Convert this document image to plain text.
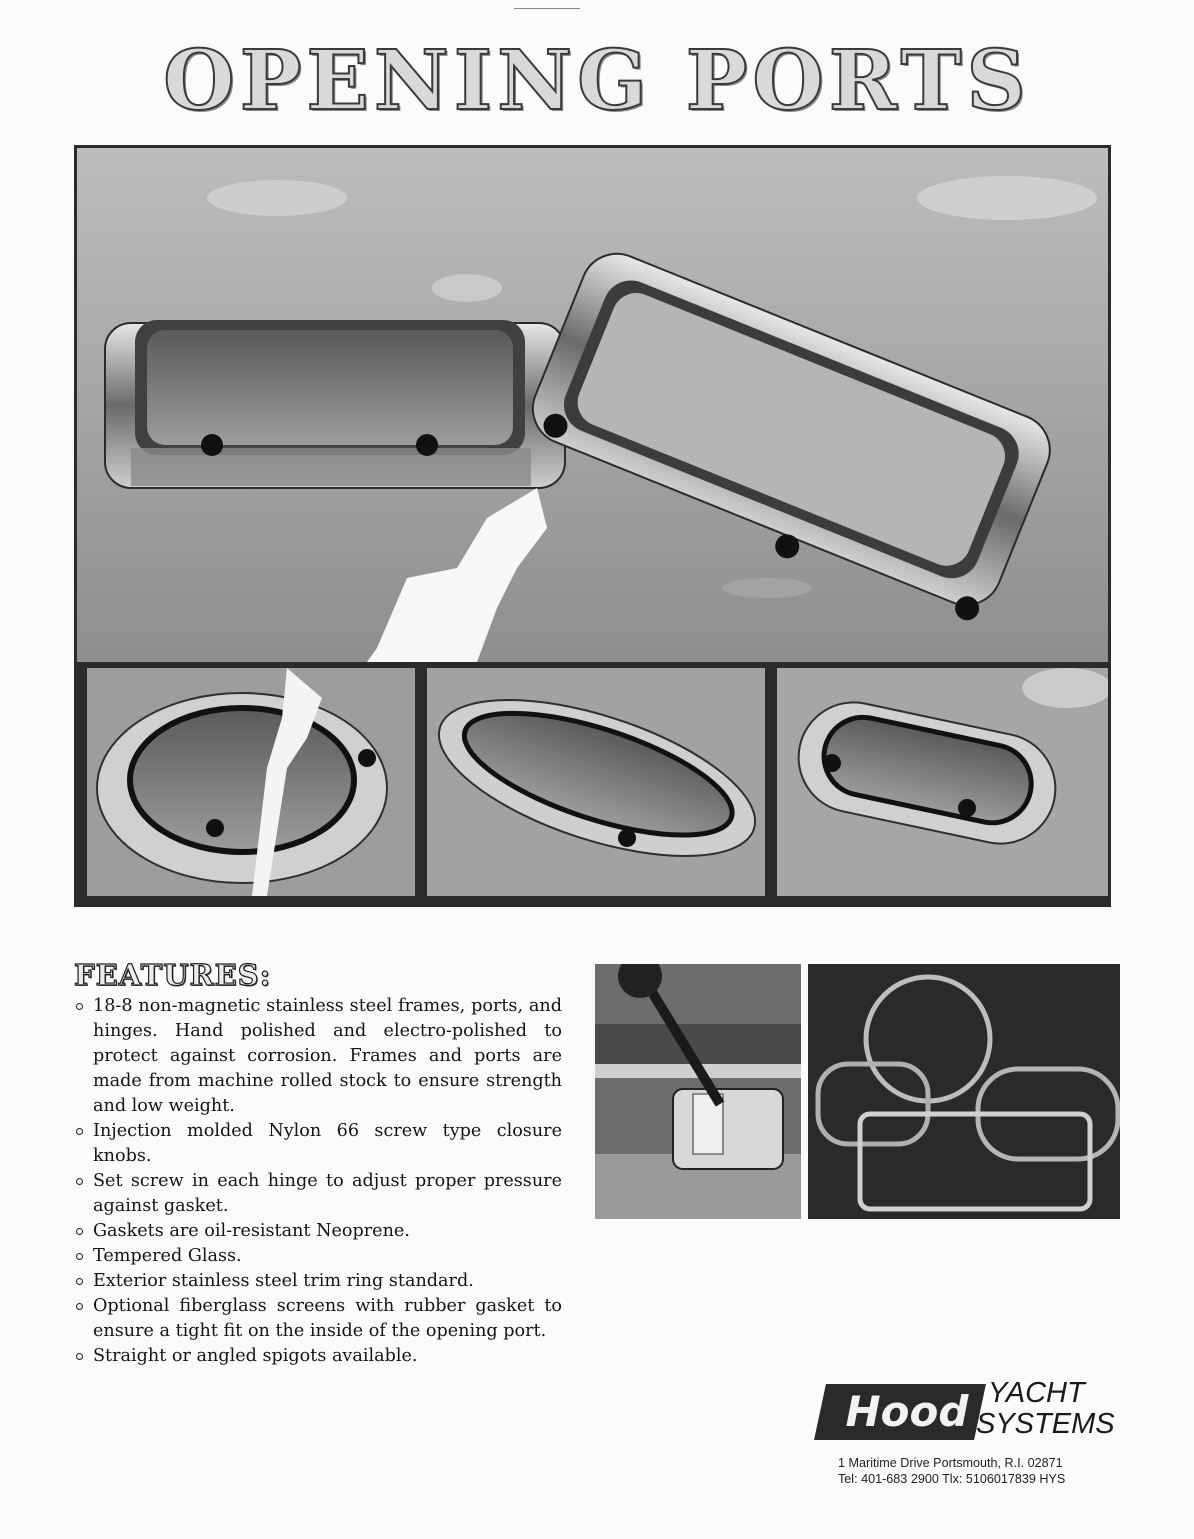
OPENING PORTS
FEATURES:
18-8 non-magnetic stainless steel frames, ports, and hinges. Hand polished and electro-polished to protect against corrosion. Frames and ports are made from machine rolled stock to ensure strength and low weight.
Injection molded Nylon 66 screw type closure knobs.
Set screw in each hinge to adjust proper pressure against gasket.
Gaskets are oil-resistant Neoprene.
Tempered Glass.
Exterior stainless steel trim ring standard.
Optional fiberglass screens with rubber gasket to ensure a tight fit on the inside of the opening port.
Straight or angled spigots available.
Hood YACHT
SYSTEMS
1 Maritime Drive Portsmouth, R.I. 02871
Tel: 401-683 2900 Tlx: 5106017839 HYS
